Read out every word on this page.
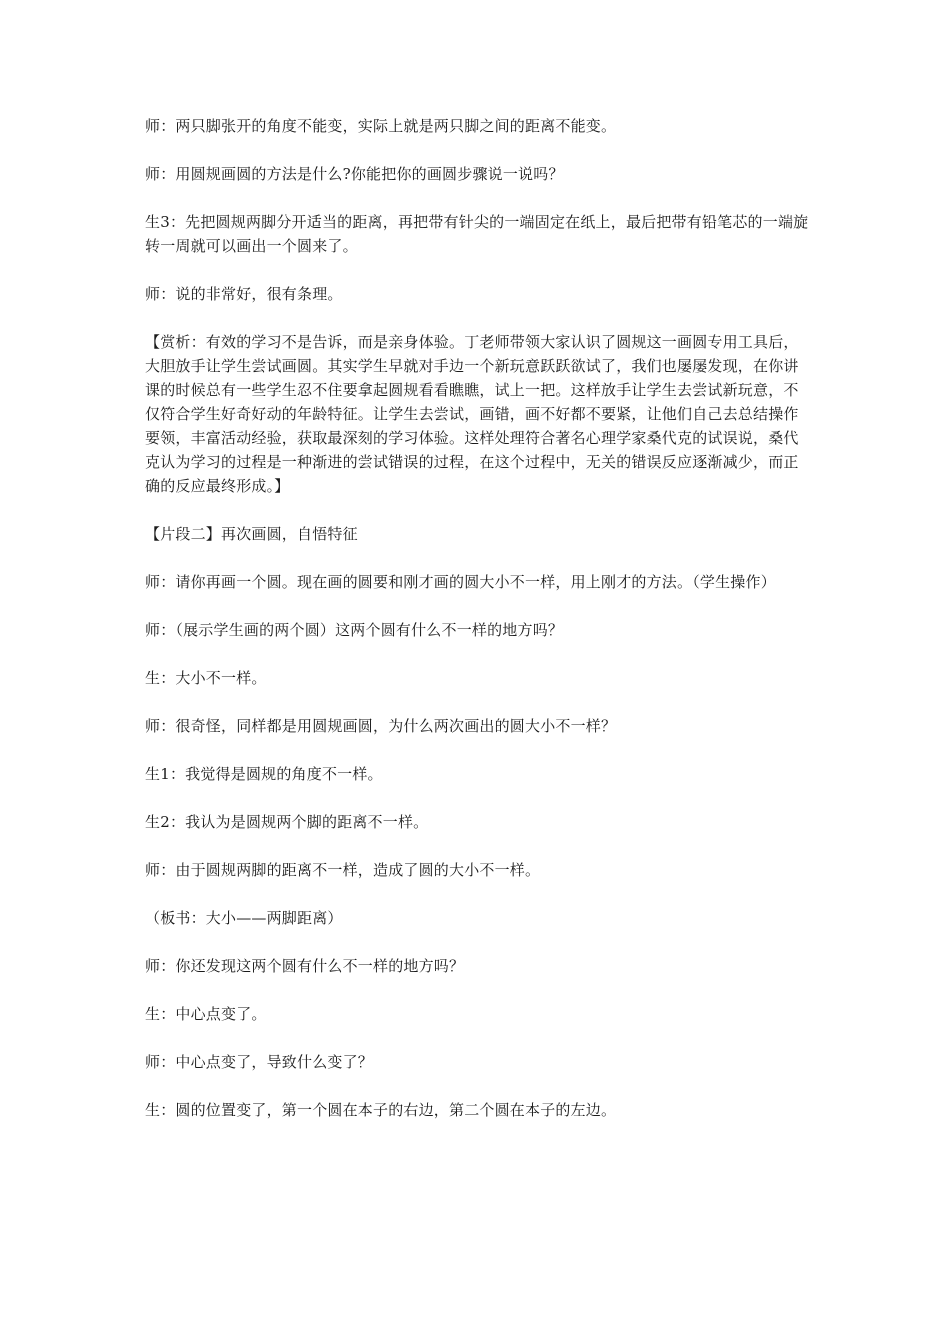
师：两只脚张开的角度不能变，实际上就是两只脚之间的距离不能变。

师：用圆规画圆的方法是什么?你能把你的画圆步骤说一说吗？

生3：先把圆规两脚分开适当的距离，再把带有针尖的一端固定在纸上，最后把带有铅笔芯的一端旋转一周就可以画出一个圆来了。

师：说的非常好，很有条理。

【赏析：有效的学习不是告诉，而是亲身体验。丁老师带领大家认识了圆规这一画圆专用工具后，大胆放手让学生尝试画圆。其实学生早就对手边一个新玩意跃跃欲试了，我们也屡屡发现，在你讲课的时候总有一些学生忍不住要拿起圆规看看瞧瞧，试上一把。这样放手让学生去尝试新玩意，不仅符合学生好奇好动的年龄特征。让学生去尝试，画错，画不好都不要紧，让他们自己去总结操作要领，丰富活动经验，获取最深刻的学习体验。这样处理符合著名心理学家桑代克的试误说，桑代克认为学习的过程是一种渐进的尝试错误的过程，在这个过程中，无关的错误反应逐渐减少，而正确的反应最终形成。】

【片段二】再次画圆，自悟特征

师：请你再画一个圆。现在画的圆要和刚才画的圆大小不一样，用上刚才的方法。（学生操作）

师：（展示学生画的两个圆）这两个圆有什么不一样的地方吗？

生：大小不一样。

师：很奇怪，同样都是用圆规画圆，为什么两次画出的圆大小不一样？

生1：我觉得是圆规的角度不一样。

生2：我认为是圆规两个脚的距离不一样。

师：由于圆规两脚的距离不一样，造成了圆的大小不一样。

（板书：大小——两脚距离）

师：你还发现这两个圆有什么不一样的地方吗？

生：中心点变了。

师：中心点变了，导致什么变了？

生：圆的位置变了，第一个圆在本子的右边，第二个圆在本子的左边。
